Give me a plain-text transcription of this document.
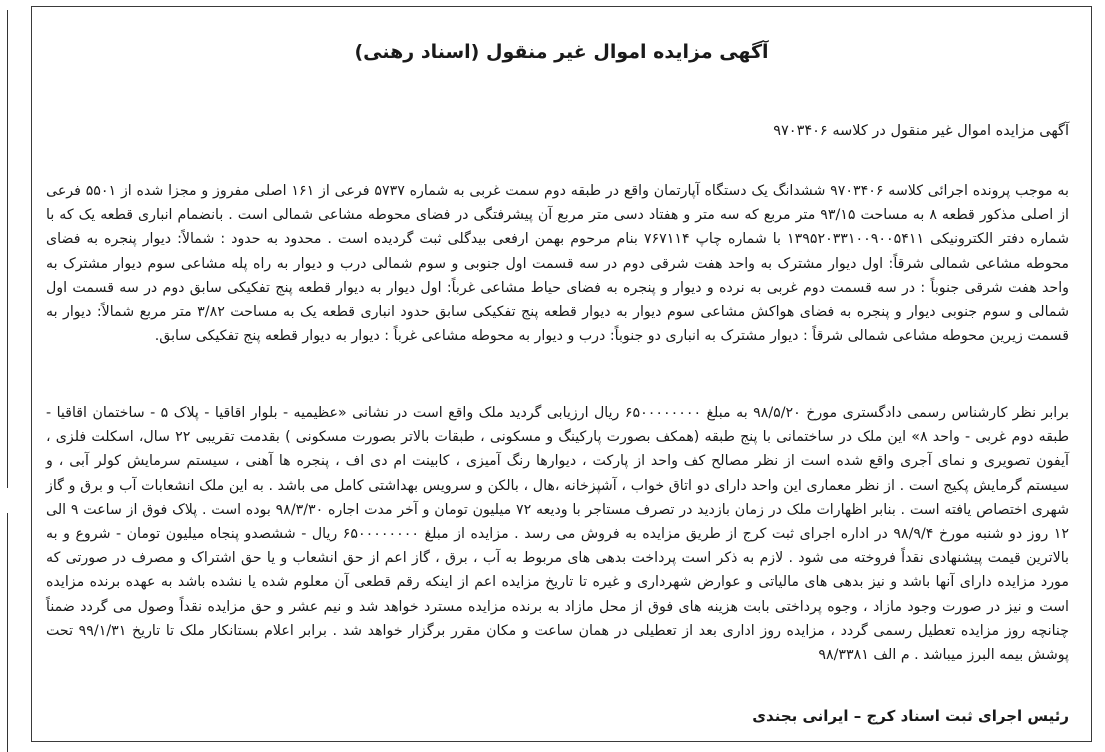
آگهی مزایده اموال غیر منقول (اسناد رهنی)

آگهی مزایده اموال غیر منقول در کلاسه ۹۷۰۳۴۰۶

به موجب پرونده اجرائی کلاسه ۹۷۰۳۴۰۶ ششدانگ یک دستگاه آپارتمان واقع در طبقه دوم سمت غربی به شماره ۵۷۳۷ فرعی از ۱۶۱ اصلی مفروز و مجزا شده از ۵۵۰۱ فرعی از اصلی مذکور قطعه ۸ به مساحت ۹۳/۱۵ متر مربع که سه متر و هفتاد دسی متر مربع آن پیشرفتگی در فضای محوطه مشاعی شمالی است . بانضمام انباری قطعه یک که با شماره دفتر الکترونیکی ۱۳۹۵۲۰۳۳۱۰۰۹۰۰۵۴۱۱ با شماره چاپ ۷۶۷۱۱۴ بنام مرحوم بهمن ارفعی بیدگلی ثبت گردیده است . محدود به حدود : شمالاً: دیوار پنجره به فضای محوطه مشاعی شمالی شرقاً: اول دیوار مشترک به واحد هفت شرقی دوم در سه قسمت اول جنوبی و سوم شمالی درب و دیوار به راه پله مشاعی سوم دیوار مشترک به واحد هفت شرقی جنوباً : در سه قسمت دوم غربی به نرده و دیوار و پنجره به فضای حیاط مشاعی غرباً: اول دیوار به دیوار قطعه پنج تفکیکی سابق دوم در سه قسمت اول شمالی و سوم جنوبی دیوار و پنجره به فضای هواکش مشاعی سوم دیوار به دیوار قطعه پنج تفکیکی سابق حدود انباری قطعه یک به مساحت ۳/۸۲ متر مربع شمالاً: دیوار به قسمت زیرین محوطه مشاعی شمالی شرقاً : دیوار مشترک به انباری دو جنوباً: درب و دیوار به محوطه مشاعی غرباً : دیوار به دیوار قطعه پنج تفکیکی سابق.

برابر نظر کارشناس رسمی دادگستری مورخ ۹۸/۵/۲۰ به مبلغ ۶۵۰۰۰۰۰۰۰۰ ریال ارزیابی گردید ملک واقع است در نشانی «عظیمیه - بلوار اقاقیا - پلاک ۵ - ساختمان اقاقیا - طبقه دوم غربی - واحد ۸» این ملک در ساختمانی با پنج طبقه (همکف بصورت پارکینگ و مسکونی ، طبقات بالاتر بصورت مسکونی ) بقدمت تقریبی ۲۲ سال، اسکلت فلزی ، آیفون تصویری و نمای آجری واقع شده است از نظر مصالح کف واحد از پارکت ، دیوارها رنگ آمیزی ، کابینت ام دی اف ، پنجره ها آهنی ، سیستم سرمایش کولر آبی ، و سیستم گرمایش پکیج است . از نظر معماری این واحد دارای دو اتاق خواب ، آشپزخانه ،هال ، بالکن و سرویس بهداشتی کامل می باشد . به این ملک انشعابات آب و برق و گاز شهری اختصاص یافته است . بنابر اظهارات ملک در زمان بازدید در تصرف مستاجر با ودیعه ۷۲ میلیون تومان و آخر مدت اجاره ۹۸/۳/۳۰ بوده است . پلاک فوق از ساعت ۹ الی ۱۲ روز دو شنبه مورخ ۹۸/۹/۴ در اداره اجرای ثبت کرج از طریق مزایده به فروش می رسد . مزایده از مبلغ ۶۵۰۰۰۰۰۰۰۰ ریال - ششصدو پنجاه میلیون تومان - شروع و به بالاترین قیمت پیشنهادی نقداً فروخته می شود . لازم به ذکر است پرداخت بدهی های مربوط به آب ، برق ، گاز اعم از حق انشعاب و یا حق اشتراک و مصرف در صورتی که مورد مزایده دارای آنها باشد و نیز بدهی های مالیاتی و عوارض شهرداری و غیره تا تاریخ مزایده اعم از اینکه رقم قطعی آن معلوم شده یا نشده باشد به عهده برنده مزایده است و نیز در صورت وجود مازاد ، وجوه پرداختی بابت هزینه های فوق از محل مازاد به برنده مزایده مسترد خواهد شد و نیم عشر و حق مزایده نقداً وصول می گردد ضمناً چنانچه روز مزایده تعطیل رسمی گردد ، مزایده روز اداری بعد از تعطیلی در همان ساعت و مکان مقرر برگزار خواهد شد . برابر اعلام بستانکار ملک تا تاریخ ۹۹/۱/۳۱ تحت پوشش بیمه البرز میباشد . م الف ۹۸/۳۳۸۱

رئیس اجرای ثبت اسناد کرج – ایرانی بجندی
